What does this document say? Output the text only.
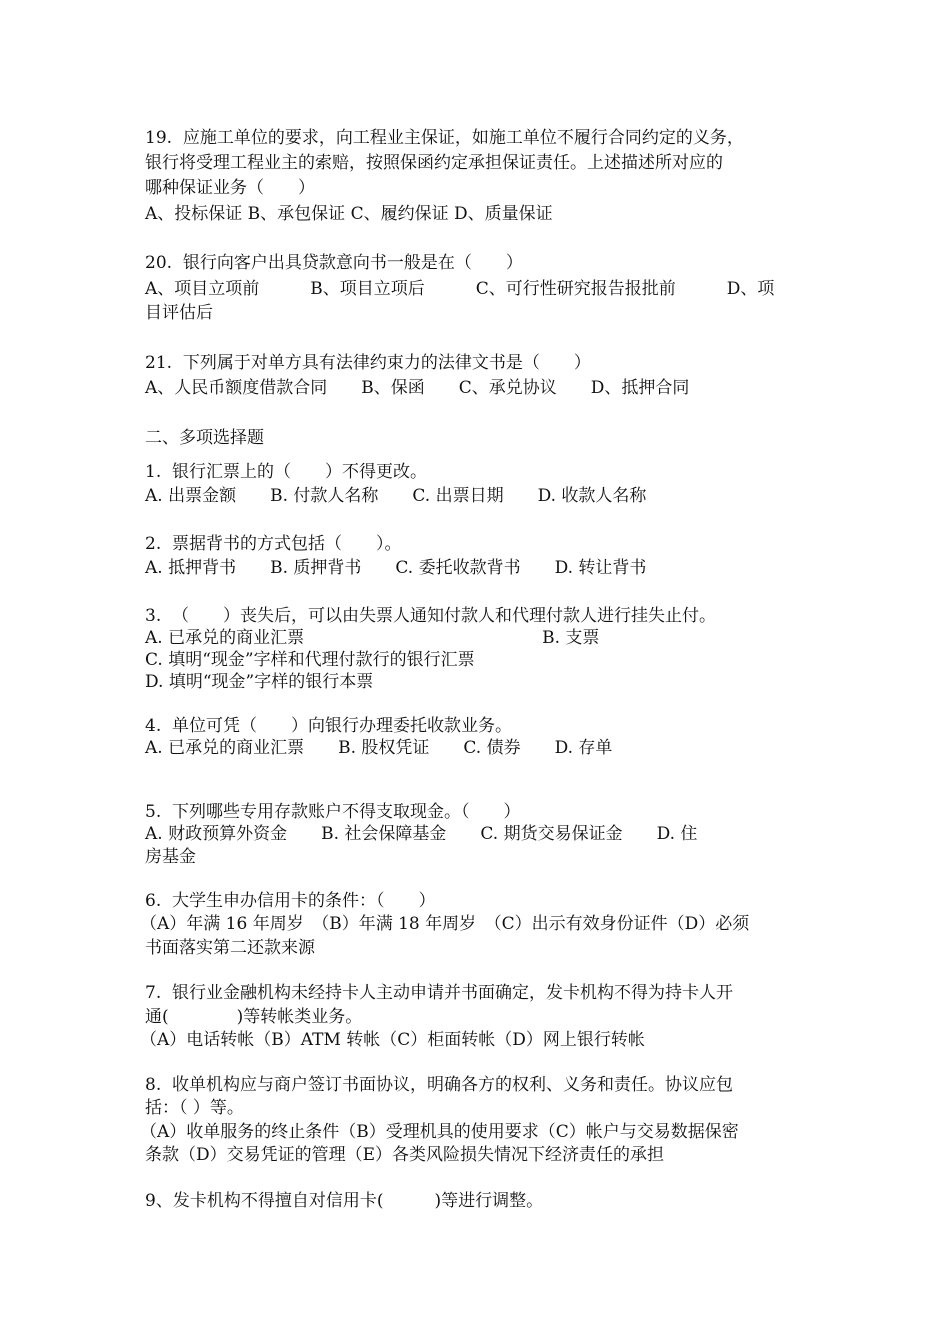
19.  应施工单位的要求，向工程业主保证，如施工单位不履行合同约定的义务，
银行将受理工程业主的索赔，按照保函约定承担保证责任。上述描述所对应的
哪种保证业务（　　）
A、投标保证 B、承包保证 C、履约保证 D、质量保证
20.  银行向客户出具贷款意向书一般是在（　　）
A、项目立项前　　　B、项目立项后　　　C、可行性研究报告报批前　　　D、项
目评估后
21.  下列属于对单方具有法律约束力的法律文书是（　　）
A、人民币额度借款合同　　B、保函　　C、承兑协议　　D、抵押合同
二、多项选择题
1.  银行汇票上的（　　）不得更改。
A. 出票金额　　B. 付款人名称　　C. 出票日期　　D. 收款人名称
2.  票据背书的方式包括（　　）。
A. 抵押背书　　B. 质押背书　　C. 委托收款背书　　D. 转让背书
3.  （　　）丧失后，可以由失票人通知付款人和代理付款人进行挂失止付。
A. 已承兑的商业汇票　　　　　　　　　　　　　　B. 支票
C. 填明“现金”字样和代理付款行的银行汇票
D. 填明“现金”字样的银行本票
4.  单位可凭（　　）向银行办理委托收款业务。
A. 已承兑的商业汇票　　B. 股权凭证　　C. 债券　　D. 存单
5.  下列哪些专用存款账户不得支取现金。（　　）
A. 财政预算外资金　　B. 社会保障基金　　C. 期货交易保证金　　D. 住
房基金
6.  大学生申办信用卡的条件：（　　）
（A）年满 16 年周岁　（B）年满 18 年周岁　（C）出示有效身份证件（D）必须
书面落实第二还款来源
7.  银行业金融机构未经持卡人主动申请并书面确定，发卡机构不得为持卡人开
通(　　　　)等转帐类业务。
（A）电话转帐（B）ATM 转帐（C）柜面转帐（D）网上银行转帐
8.  收单机构应与商户签订书面协议，明确各方的权利、义务和责任。协议应包
括：（ ）等。
（A）收单服务的终止条件（B）受理机具的使用要求（C）帐户与交易数据保密
条款（D）交易凭证的管理（E）各类风险损失情况下经济责任的承担
9、发卡机构不得擅自对信用卡(　　　)等进行调整。
